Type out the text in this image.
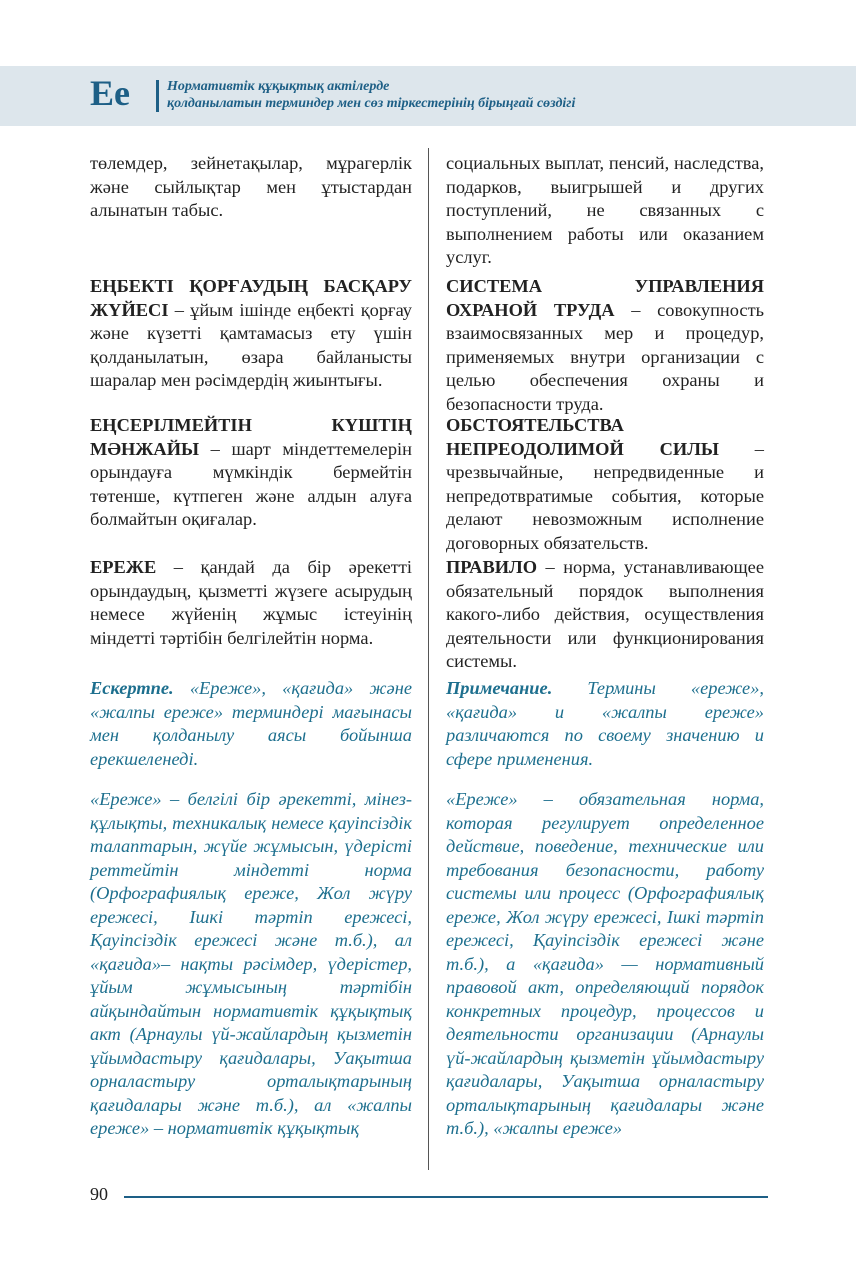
Ee	Нормативтік құқықтық актілерде
қолданылатын терминдер мен сөз тіркестерінің бірыңғай сөздігі

төлемдер, зейнетақылар, мұрагерлік және сыйлықтар мен ұтыстардан алынатын табыс.

ЕҢБЕКТІ ҚОРҒАУДЫҢ БАСҚАРУ ЖҮЙЕСІ – ұйым ішінде еңбекті қорғау және күзетті қамтамасыз ету үшін қолданылатын, өзара байланысты шаралар мен рәсімдердің жиынтығы.

ЕҢСЕРІЛМЕЙТІН КҮШТІҢ МӘНЖАЙЫ – шарт міндеттемелерін орындауға мүмкіндік бермейтін төтенше, күтпеген және алдын алуға болмайтын оқиғалар.

ЕРЕЖЕ – қандай да бір әрекетті орындаудың, қызметті жүзеге асырудың немесе жүйенің жұмыс істеуінің міндетті тәртібін белгілейтін норма.

Ескертпе. «Ереже», «қағида» және «жалпы ереже» терминдері мағынасы мен қолданылу аясы бойынша ерекшеленеді.

«Ереже» – белгілі бір әрекетті, мінез-құлықты, техникалық немесе қауіпсіздік талаптарын, жүйе жұмысын, үдерісті реттейтін міндетті норма (Орфографиялық ереже, Жол жүру ережесі, Ішкі тәртіп ережесі, Қауіпсіздік ережесі және т.б.), ал «қағида»– нақты рәсімдер, үдерістер, ұйым жұмысының тәртібін айқындайтын нормативтік құқықтық акт (Арнаулы үй-жайлардың қызметін ұйымдастыру қағидалары, Уақытша орналастыру орталықтарының қағидалары және т.б.), ал «жалпы ереже» – нормативтік құқықтық

социальных выплат, пенсий, наследства, подарков, выигрышей и других поступлений, не связанных с выполнением работы или оказанием услуг.

СИСТЕМА УПРАВЛЕНИЯ ОХРАНОЙ ТРУДА – совокупность взаимосвязанных мер и процедур, применяемых внутри организации с целью обеспечения охраны и безопасности труда.

ОБСТОЯТЕЛЬСТВА НЕПРЕОДОЛИМОЙ СИЛЫ – чрезвычайные, непредвиденные и непредотвратимые события, которые делают невозможным исполнение договорных обязательств.

ПРАВИЛО – норма, устанавливающее обязательный порядок выполнения какого-либо действия, осуществления деятельности или функционирования системы.

Примечание. Термины «ереже», «қағида» и «жалпы ереже» различаются по своему значению и сфере применения.

«Ереже» – обязательная норма, которая регулирует определенное действие, поведение, технические или требования безопасности, работу системы или процесс (Орфографиялық ереже, Жол жүру ережесі, Ішкі тәртіп ережесі, Қауіпсіздік ережесі және т.б.), а «қағида» — нормативный правовой акт, определяющий порядок конкретных процедур, процессов и деятельности организации (Арнаулы үй-жайлардың қызметін ұйымдастыру қағидалары, Уақытша орналастыру орталықтарының қағидалары және т.б.), «жалпы ереже»

90
